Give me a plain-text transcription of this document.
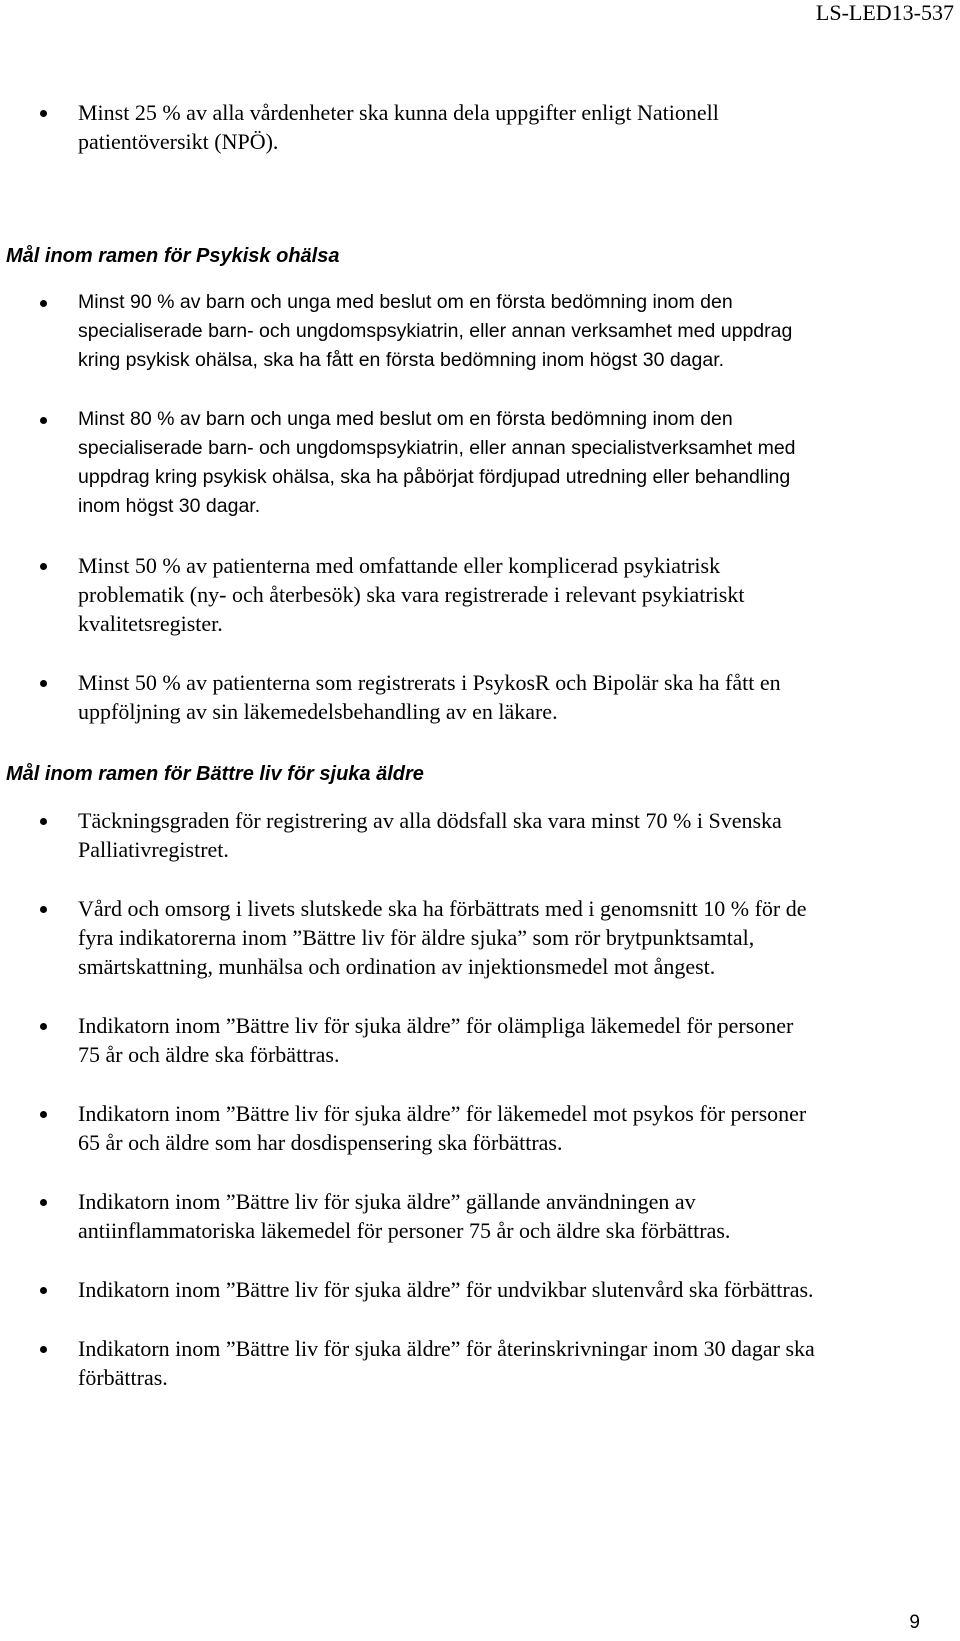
LS-LED13-537
Minst 25 % av alla vårdenheter ska kunna dela uppgifter enligt Nationell patientöversikt (NPÖ).
Mål inom ramen för Psykisk ohälsa
Minst 90 % av barn och unga med beslut om en första bedömning inom den specialiserade barn- och ungdomspsykiatrin, eller annan verksamhet med uppdrag kring psykisk ohälsa, ska ha fått en första bedömning inom högst 30 dagar.
Minst 80 % av barn och unga med beslut om en första bedömning inom den specialiserade barn- och ungdomspsykiatrin, eller annan specialistverksamhet med uppdrag kring psykisk ohälsa, ska ha påbörjat fördjupad utredning eller behandling inom högst 30 dagar.
Minst 50 % av patienterna med omfattande eller komplicerad psykiatrisk problematik (ny- och återbesök) ska vara registrerade i relevant psykiatriskt kvalitetsregister.
Minst 50 % av patienterna som registrerats i PsykosR och Bipolär ska ha fått en uppföljning av sin läkemedelsbehandling av en läkare.
Mål inom ramen för Bättre liv för sjuka äldre
Täckningsgraden för registrering av alla dödsfall ska vara minst 70 % i Svenska Palliativregistret.
Vård och omsorg i livets slutskede ska ha förbättrats med i genomsnitt 10 % för de fyra indikatorerna inom ”Bättre liv för äldre sjuka” som rör brytpunktsamtal, smärtskattning, munhälsa och ordination av injektionsmedel mot ångest.
Indikatorn inom ”Bättre liv för sjuka äldre” för olämpliga läkemedel för personer 75 år och äldre ska förbättras.
Indikatorn inom ”Bättre liv för sjuka äldre” för läkemedel mot psykos för personer 65 år och äldre som har dosdispensering ska förbättras.
Indikatorn inom ”Bättre liv för sjuka äldre” gällande användningen av antiinflammatoriska läkemedel för personer 75 år och äldre ska förbättras.
Indikatorn inom ”Bättre liv för sjuka äldre” för undvikbar slutenvård ska förbättras.
Indikatorn inom ”Bättre liv för sjuka äldre” för återinskrivningar inom 30 dagar ska förbättras.
9
